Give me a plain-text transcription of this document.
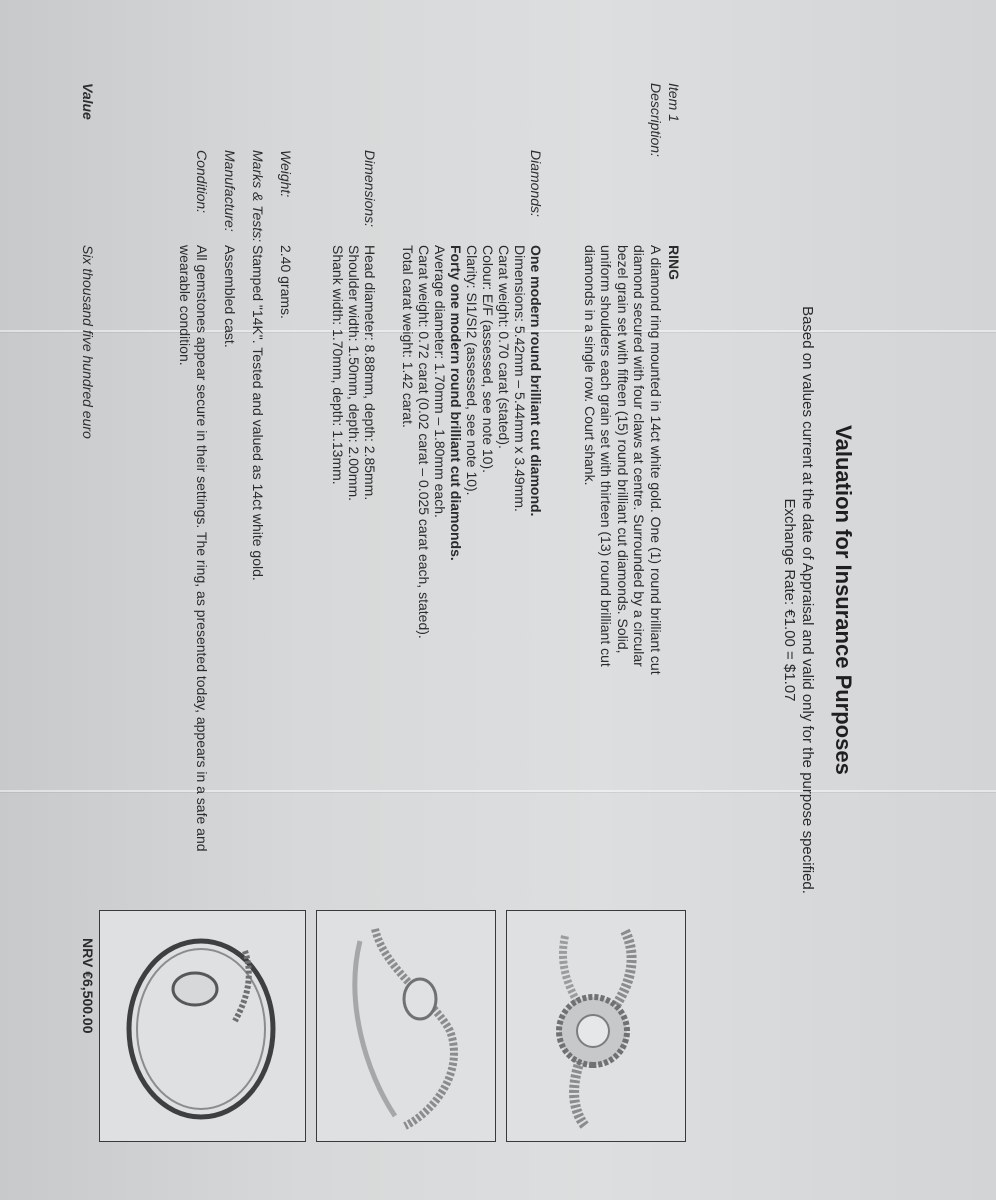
Valuation for Insurance Purposes
Based on values current at the date of Appraisal and valid only for the purpose specified.
Exchange Rate: €1.00 = $1.07
Item 1
Description:
RING
A diamond ring mounted in 14ct white gold. One (1) round brilliant cut diamond secured with four claws at centre. Surrounded by a circular bezel grain set with fifteen (15) round brilliant cut diamonds. Solid, uniform shoulders each grain set with thirteen (13) round brilliant cut diamonds in a single row. Court shank.
Diamonds:
One modern round brilliant cut diamond.
Dimensions: 5.42mm – 5.44mm x 3.49mm.
Carat weight: 0.70 carat (stated).
Colour: E/F (assessed, see note 10).
Clarity: SI1/SI2 (assessed, see note 10).
Forty one modern round brilliant cut diamonds.
Average diameter: 1.70mm – 1.80mm each.
Carat weight: 0.72 carat (0.02 carat – 0.025 carat each, stated).
Total carat weight: 1.42 carat.
Dimensions:
Head diameter: 8.88mm, depth: 2.85mm.
Shoulder width: 1.50mm, depth: 2.00mm.
Shank width: 1.70mm, depth: 1.13mm.
Weight:
2.40 grams.
Marks & Tests:
Stamped "14K". Tested and valued as 14ct white gold.
Manufacture:
Assembled cast.
Condition:
All gemstones appear secure in their settings. The ring, as presented today, appears in a safe and wearable condition.
Value
Six thousand five hundred euro
NRV €6,500.00
